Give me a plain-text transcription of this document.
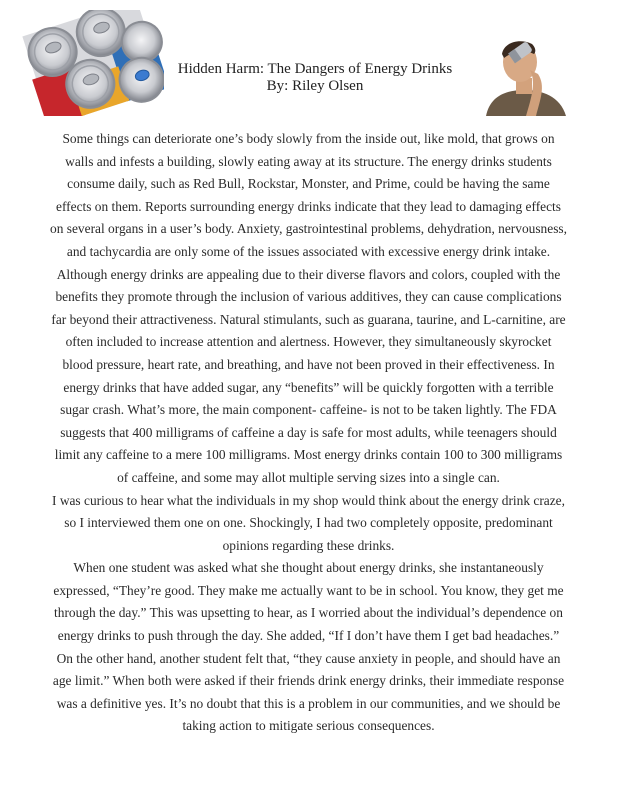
Hidden Harm: The Dangers of Energy Drinks
By: Riley Olsen

Some things can deteriorate one’s body slowly from the inside out, like mold, that grows on walls and infests a building, slowly eating away at its structure. The energy drinks students consume daily, such as Red Bull, Rockstar, Monster, and Prime, could be having the same effects on them. Reports surrounding energy drinks indicate that they lead to damaging effects on several organs in a user’s body. Anxiety, gastrointestinal problems, dehydration, nervousness, and tachycardia are only some of the issues associated with excessive energy drink intake.

Although energy drinks are appealing due to their diverse flavors and colors, coupled with the benefits they promote through the inclusion of various additives, they can cause complications far beyond their attractiveness. Natural stimulants, such as guarana, taurine, and L-carnitine, are often included to increase attention and alertness. However, they simultaneously skyrocket blood pressure, heart rate, and breathing, and have not been proved in their effectiveness. In energy drinks that have added sugar, any “benefits” will be quickly forgotten with a terrible sugar crash. What’s more, the main component- caffeine- is not to be taken lightly. The FDA suggests that 400 milligrams of caffeine a day is safe for most adults, while teenagers should limit any caffeine to a mere 100 milligrams. Most energy drinks contain 100 to 300 milligrams of caffeine, and some may allot multiple serving sizes into a single can.

I was curious to hear what the individuals in my shop would think about the energy drink craze, so I interviewed them one on one. Shockingly, I had two completely opposite, predominant opinions regarding these drinks.

When one student was asked what she thought about energy drinks, she instantaneously expressed, “They’re good. They make me actually want to be in school. You know, they get me through the day.” This was upsetting to hear, as I worried about the individual’s dependence on energy drinks to push through the day. She added, “If I don’t have them I get bad headaches.” On the other hand, another student felt that, “they cause anxiety in people, and should have an age limit.” When both were asked if their friends drink energy drinks, their immediate response was a definitive yes. It’s no doubt that this is a problem in our communities, and we should be taking action to mitigate serious consequences.
